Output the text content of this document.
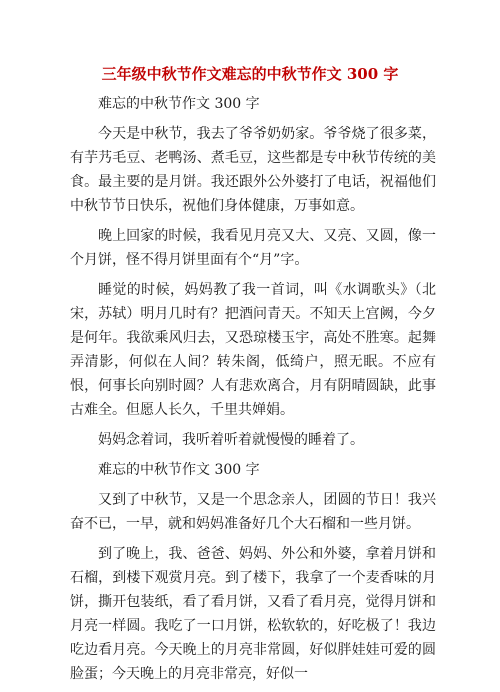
三年级中秋节作文难忘的中秋节作文 300 字

难忘的中秋节作文 300 字

今天是中秋节，我去了爷爷奶奶家。爷爷烧了很多菜，有芋艿毛豆、老鸭汤、煮毛豆，这些都是专中秋节传统的美食。最主要的是月饼。我还跟外公外婆打了电话，祝福他们中秋节节日快乐，祝他们身体健康，万事如意。

晚上回家的时候，我看见月亮又大、又亮、又圆，像一个月饼，怪不得月饼里面有个“月”字。

睡觉的时候，妈妈教了我一首词，叫《水调歌头》（北宋，苏轼）明月几时有？把酒问青天。不知天上宫阙，今夕是何年。我欲乘风归去，又恐琼楼玉宇，高处不胜寒。起舞弄清影，何似在人间？转朱阁，低绮户，照无眠。不应有恨，何事长向别时圆？人有悲欢离合，月有阴晴圆缺，此事古难全。但愿人长久，千里共婵娟。

妈妈念着词，我听着听着就慢慢的睡着了。

难忘的中秋节作文 300 字

又到了中秋节，又是一个思念亲人，团圆的节日！我兴奋不已，一早，就和妈妈准备好几个大石榴和一些月饼。

到了晚上，我、爸爸、妈妈、外公和外婆，拿着月饼和石榴，到楼下观赏月亮。到了楼下，我拿了一个麦香味的月饼，撕开包装纸，看了看月饼，又看了看月亮，觉得月饼和月亮一样圆。我吃了一口月饼，松软软的，好吃极了！我边吃边看月亮。今天晚上的月亮非常圆，好似胖娃娃可爱的圆脸蛋；今天晚上的月亮非常亮，好似一
